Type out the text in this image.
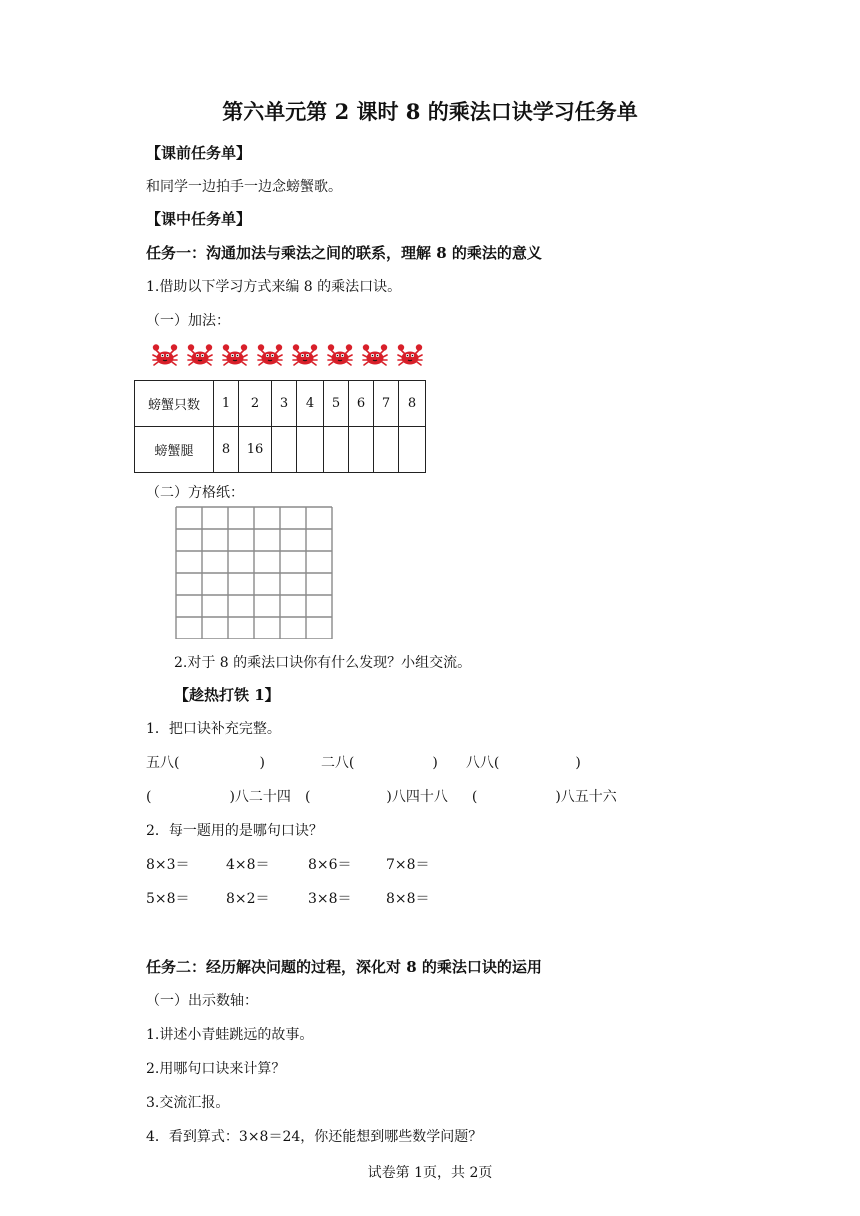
第六单元第 2 课时 8 的乘法口诀学习任务单
【课前任务单】
和同学一边拍手一边念螃蟹歌。
【课中任务单】
任务一：沟通加法与乘法之间的联系，理解 8 的乘法的意义
1.借助以下学习方式来编 8 的乘法口诀。
（一）加法：
螃蟹只数	1	2	3	4	5	6	7	8
螃蟹腿	8	16						
（二）方格纸：
2.对于 8 的乘法口诀你有什么发现？小组交流。
【趁热打铁 1】
1．把口诀补充完整。
五八(	)	二八(	) 八八(	)
(	)八二十四 (	)八四十八 (	)八五十六
2．每一题用的是哪句口诀？
8×3＝	4×8＝	8×6＝ 7×8＝
5×8＝	8×2＝	3×8＝ 8×8＝
任务二：经历解决问题的过程，深化对 8 的乘法口诀的运用
（一）出示数轴：
1.讲述小青蛙跳远的故事。
2.用哪句口诀来计算？
3.交流汇报。
4．看到算式：3×8＝24，你还能想到哪些数学问题？
试卷第 1页，共 2页
